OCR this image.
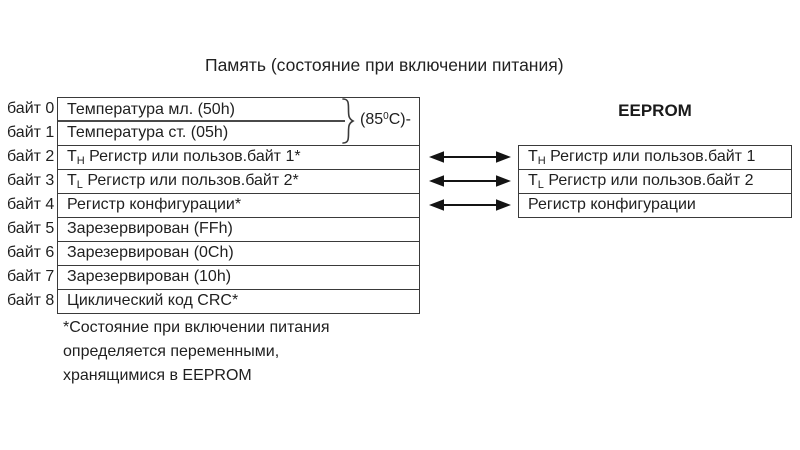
Память (состояние при включении питания)
байт 0
байт 1
байт 2
байт 3
байт 4
байт 5
байт 6
байт 7
байт 8
Температура мл. (50h)
Температура ст. (05h)
$(85^0C)-$
$T_H$ Регистр или пользов.байт 1*
$T_L$ Регистр или пользов.байт 2*
Регистр конфигурации*
Зарезервирован (FFh)
Зарезервирован (0Ch)
Зарезервирован (10h)
Циклический код CRC*
EEPROM
$T_H$ Регистр или пользов.байт 1
$T_L$ Регистр или пользов.байт 2
Регистр конфигурации
*Состояние при включении питания
определяется переменными,
хранящимися в EEPROM
